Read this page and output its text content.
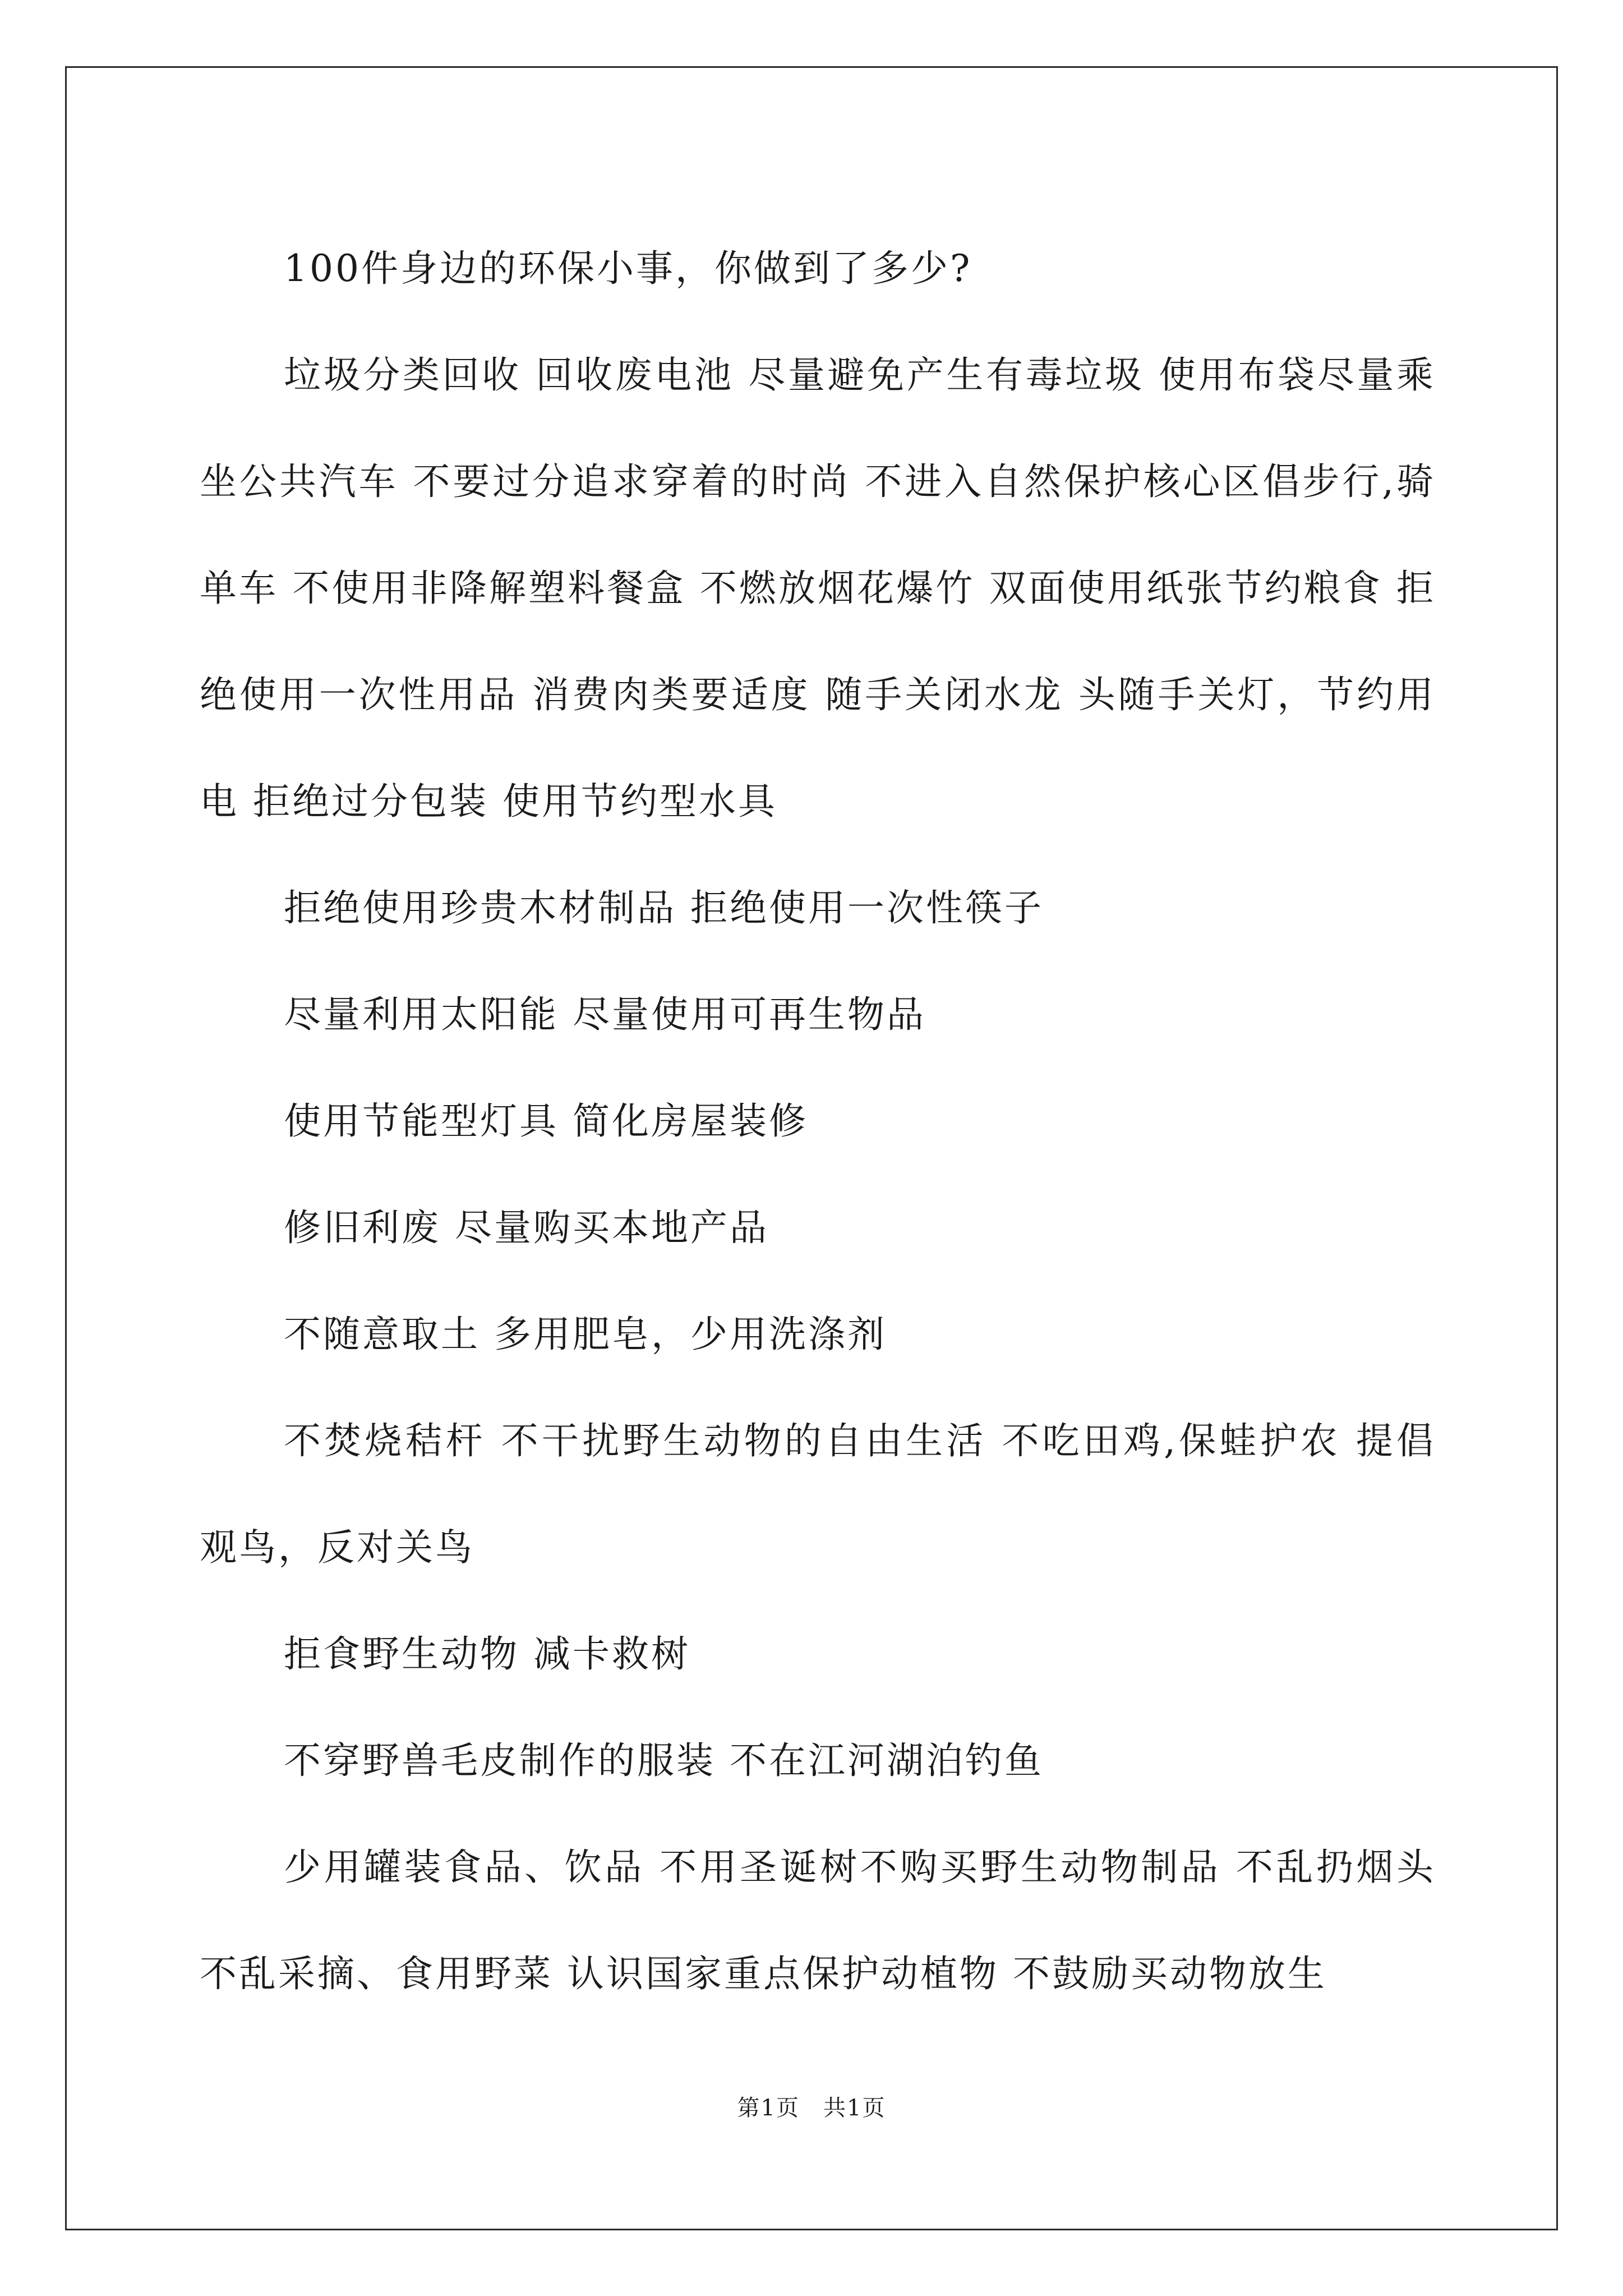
100件身边的环保小事，你做到了多少?

垃圾分类回收 回收废电池 尽量避免产生有毒垃圾 使用布袋尽量乘坐公共汽车 不要过分追求穿着的时尚 不进入自然保护核心区倡步行,骑单车 不使用非降解塑料餐盒 不燃放烟花爆竹 双面使用纸张节约粮食 拒绝使用一次性用品 消费肉类要适度 随手关闭水龙 头随手关灯，节约用电 拒绝过分包装 使用节约型水具

拒绝使用珍贵木材制品 拒绝使用一次性筷子

尽量利用太阳能 尽量使用可再生物品

使用节能型灯具 简化房屋装修

修旧利废 尽量购买本地产品

不随意取土 多用肥皂，少用洗涤剂

不焚烧秸杆 不干扰野生动物的自由生活 不吃田鸡,保蛙护农 提倡观鸟，反对关鸟

拒食野生动物 减卡救树

不穿野兽毛皮制作的服装 不在江河湖泊钓鱼

少用罐装食品、饮品 不用圣诞树不购买野生动物制品 不乱扔烟头 不乱采摘、食用野菜 认识国家重点保护动植物 不鼓励买动物放生

第1页 共1页
